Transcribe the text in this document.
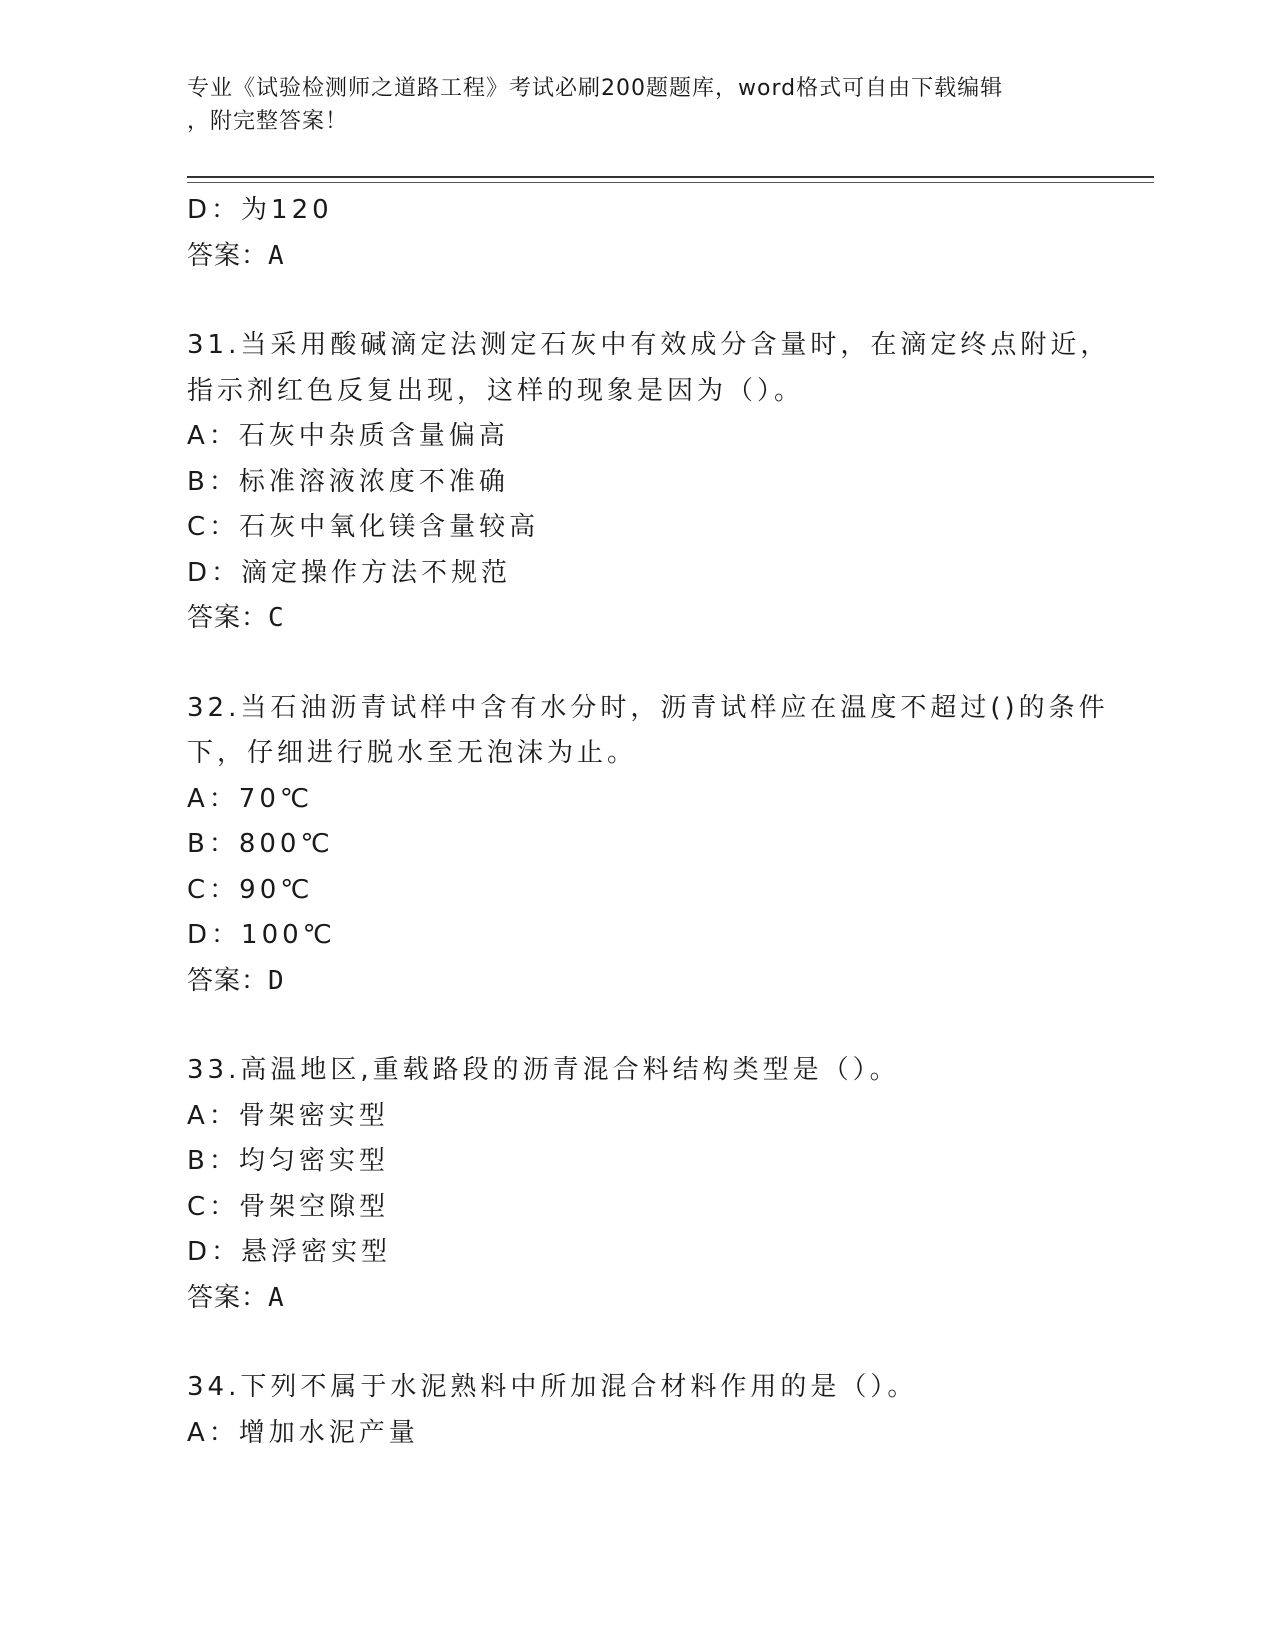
专业《试验检测师之道路工程》考试必刷200题题库，word格式可自由下载编辑
，附完整答案！
D：为120
答案：A
31.当采用酸碱滴定法测定石灰中有效成分含量时，在滴定终点附近，
指示剂红色反复出现，这样的现象是因为（）。
A：石灰中杂质含量偏高
B：标准溶液浓度不准确
C：石灰中氧化镁含量较高
D：滴定操作方法不规范
答案：C
32.当石油沥青试样中含有水分时，沥青试样应在温度不超过()的条件
下，仔细进行脱水至无泡沫为止。
A：70℃
B：800℃
C：90℃
D：100℃
答案：D
33.高温地区,重载路段的沥青混合料结构类型是（）。
A：骨架密实型
B：均匀密实型
C：骨架空隙型
D：悬浮密实型
答案：A
34.下列不属于水泥熟料中所加混合材料作用的是（）。
A：增加水泥产量
